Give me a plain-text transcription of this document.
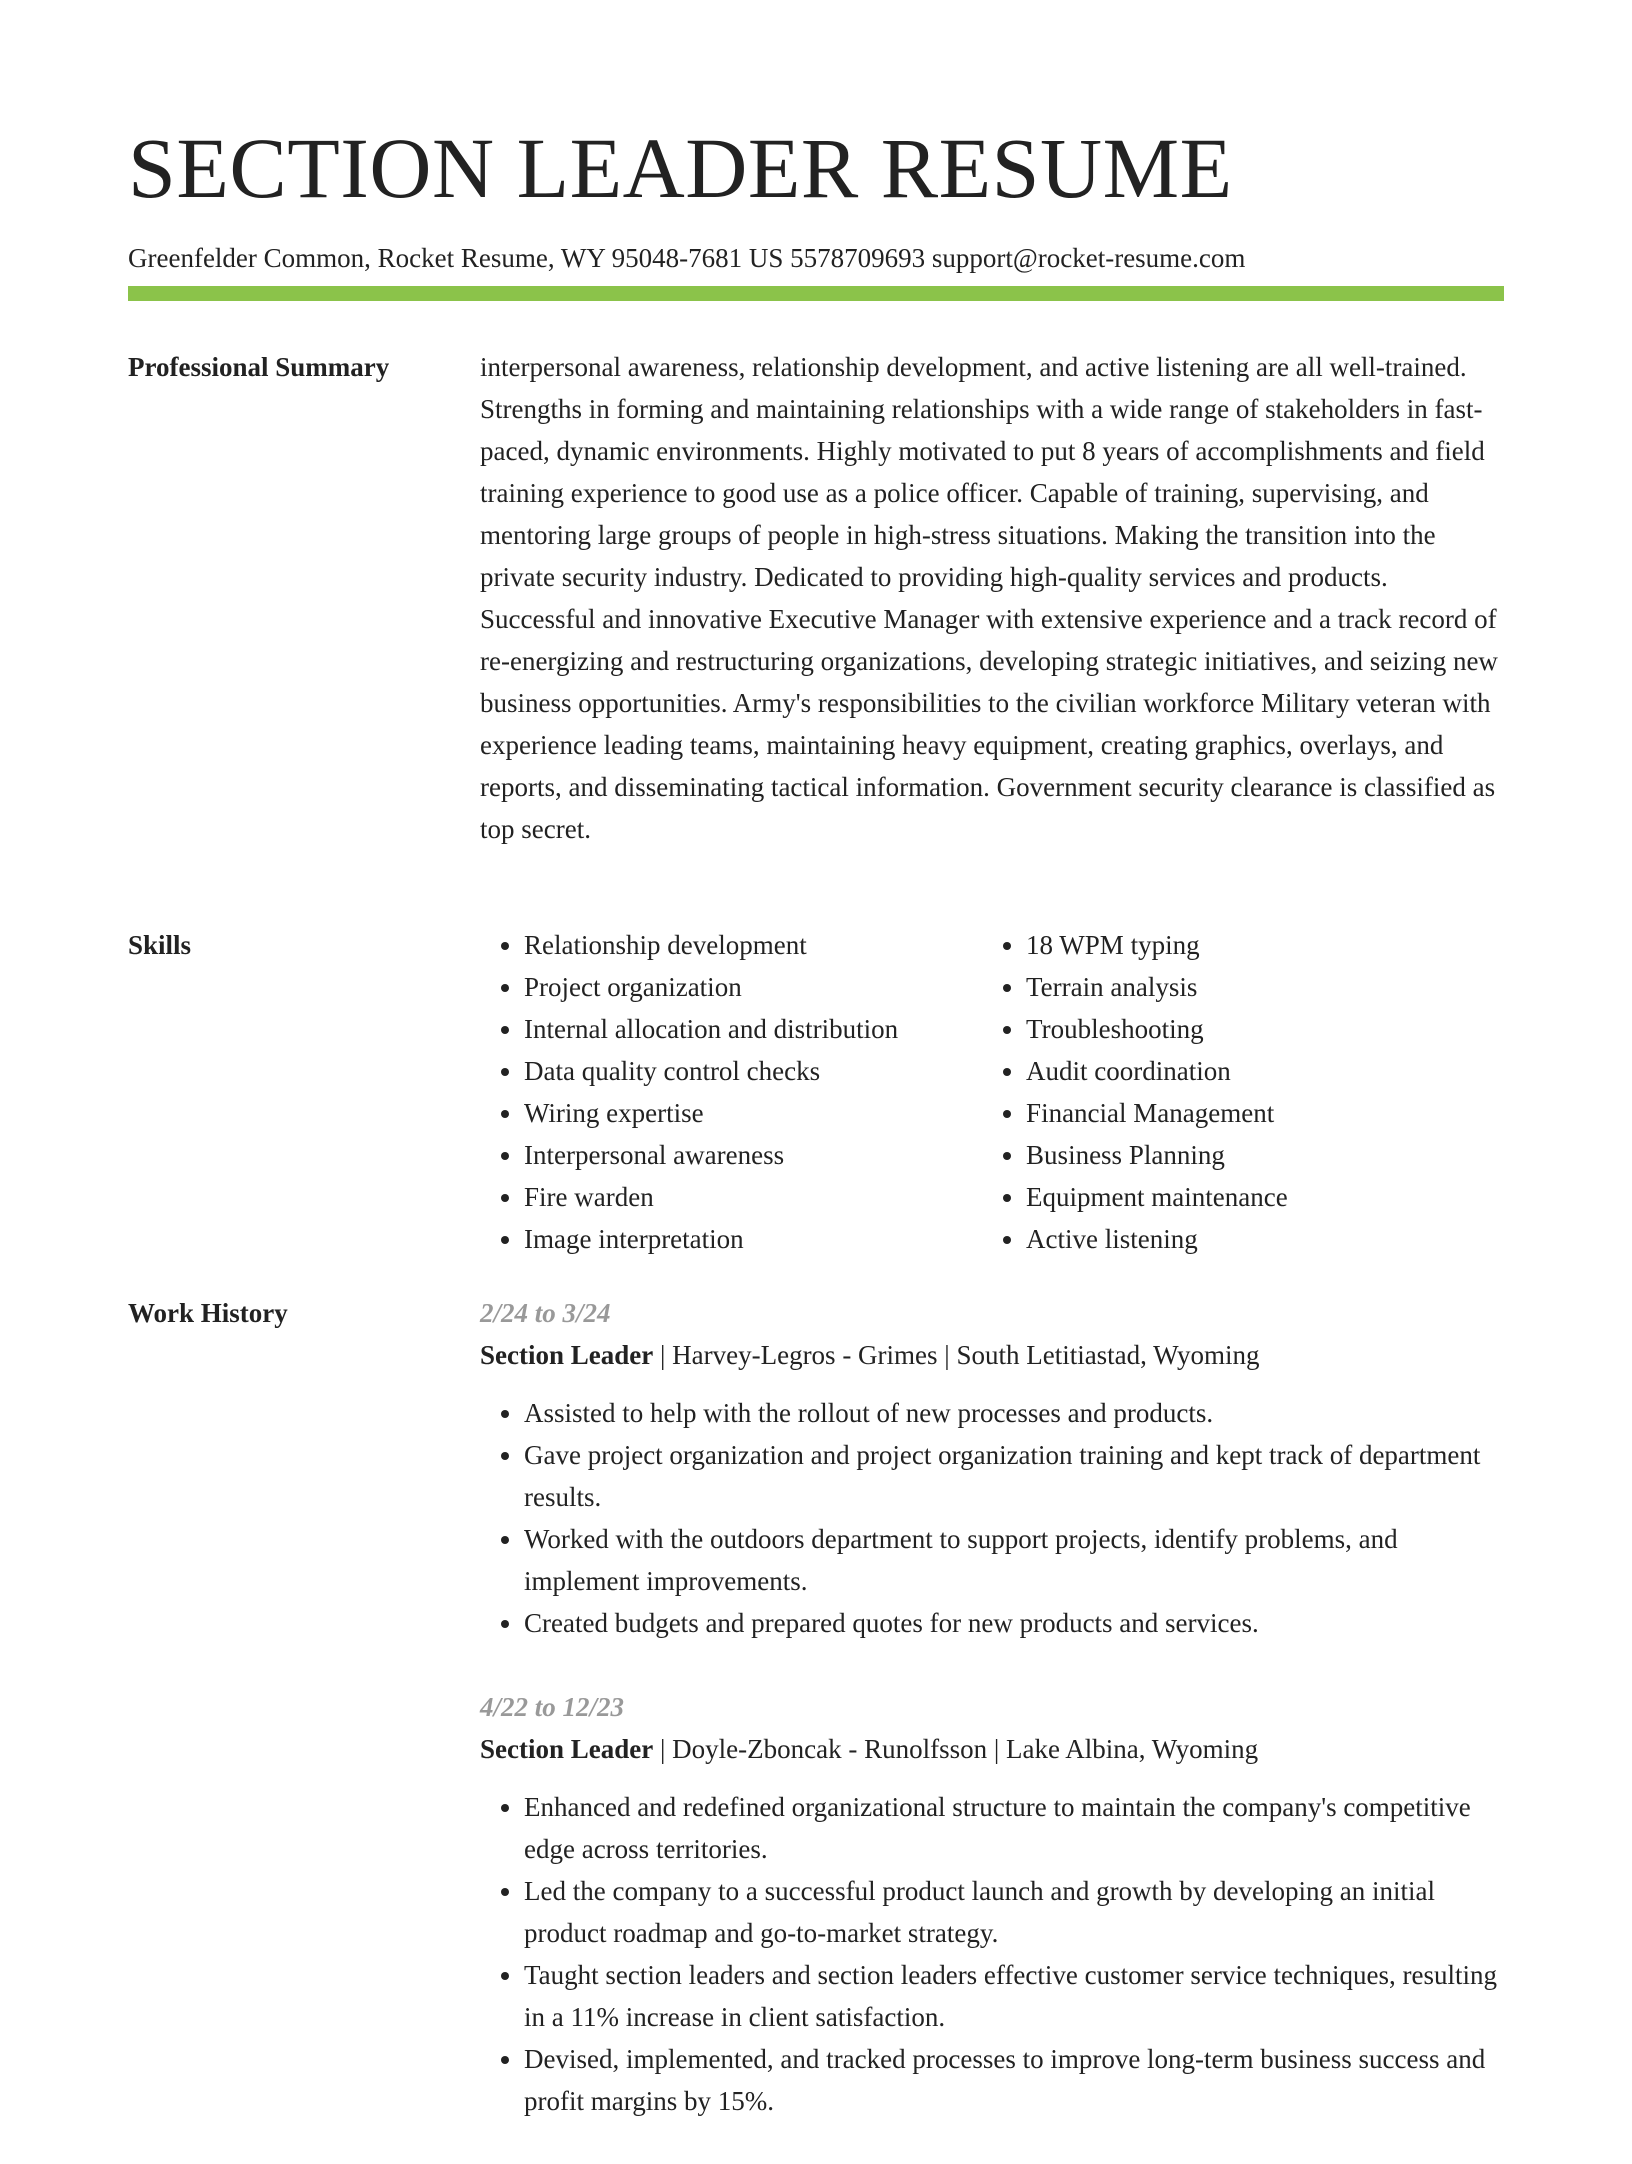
SECTION LEADER RESUME
Greenfelder Common, Rocket Resume, WY 95048-7681 US 5578709693 support@rocket-resume.com
Professional Summary	interpersonal awareness, relationship development, and active listening are all well-trained. Strengths in forming and maintaining relationships with a wide range of stakeholders in fast-paced, dynamic environments. Highly motivated to put 8 years of accomplishments and field training experience to good use as a police officer. Capable of training, supervising, and mentoring large groups of people in high-stress situations. Making the transition into the private security industry. Dedicated to providing high-quality services and products. Successful and innovative Executive Manager with extensive experience and a track record of re-energizing and restructuring organizations, developing strategic initiatives, and seizing new business opportunities. Army's responsibilities to the civilian workforce Military veteran with experience leading teams, maintaining heavy equipment, creating graphics, overlays, and reports, and disseminating tactical information. Government security clearance is classified as top secret.

Skills
•	Relationship development
• Project organization
• Internal allocation and distribution
• Data quality control checks
• Wiring expertise
• Interpersonal awareness
• Fire warden
• Image interpretation
• 18 WPM typing
• Terrain analysis
• Troubleshooting
• Audit coordination
• Financial Management
• Business Planning
• Equipment maintenance
• Active listening
Work History	2/24 to 3/24
Section Leader | Harvey-Legros - Grimes | South Letitiastad, Wyoming
• Assisted to help with the rollout of new processes and products.
• Gave project organization and project organization training and kept track of department results.
• Worked with the outdoors department to support projects, identify problems, and implement improvements.
• Created budgets and prepared quotes for new products and services.
4/22 to 12/23
Section Leader | Doyle-Zboncak - Runolfsson | Lake Albina, Wyoming
• Enhanced and redefined organizational structure to maintain the company's competitive edge across territories.
• Led the company to a successful product launch and growth by developing an initial product roadmap and go-to-market strategy.
• Taught section leaders and section leaders effective customer service techniques, resulting in a 11% increase in client satisfaction.
• Devised, implemented, and tracked processes to improve long-term business success and profit margins by 15%.
